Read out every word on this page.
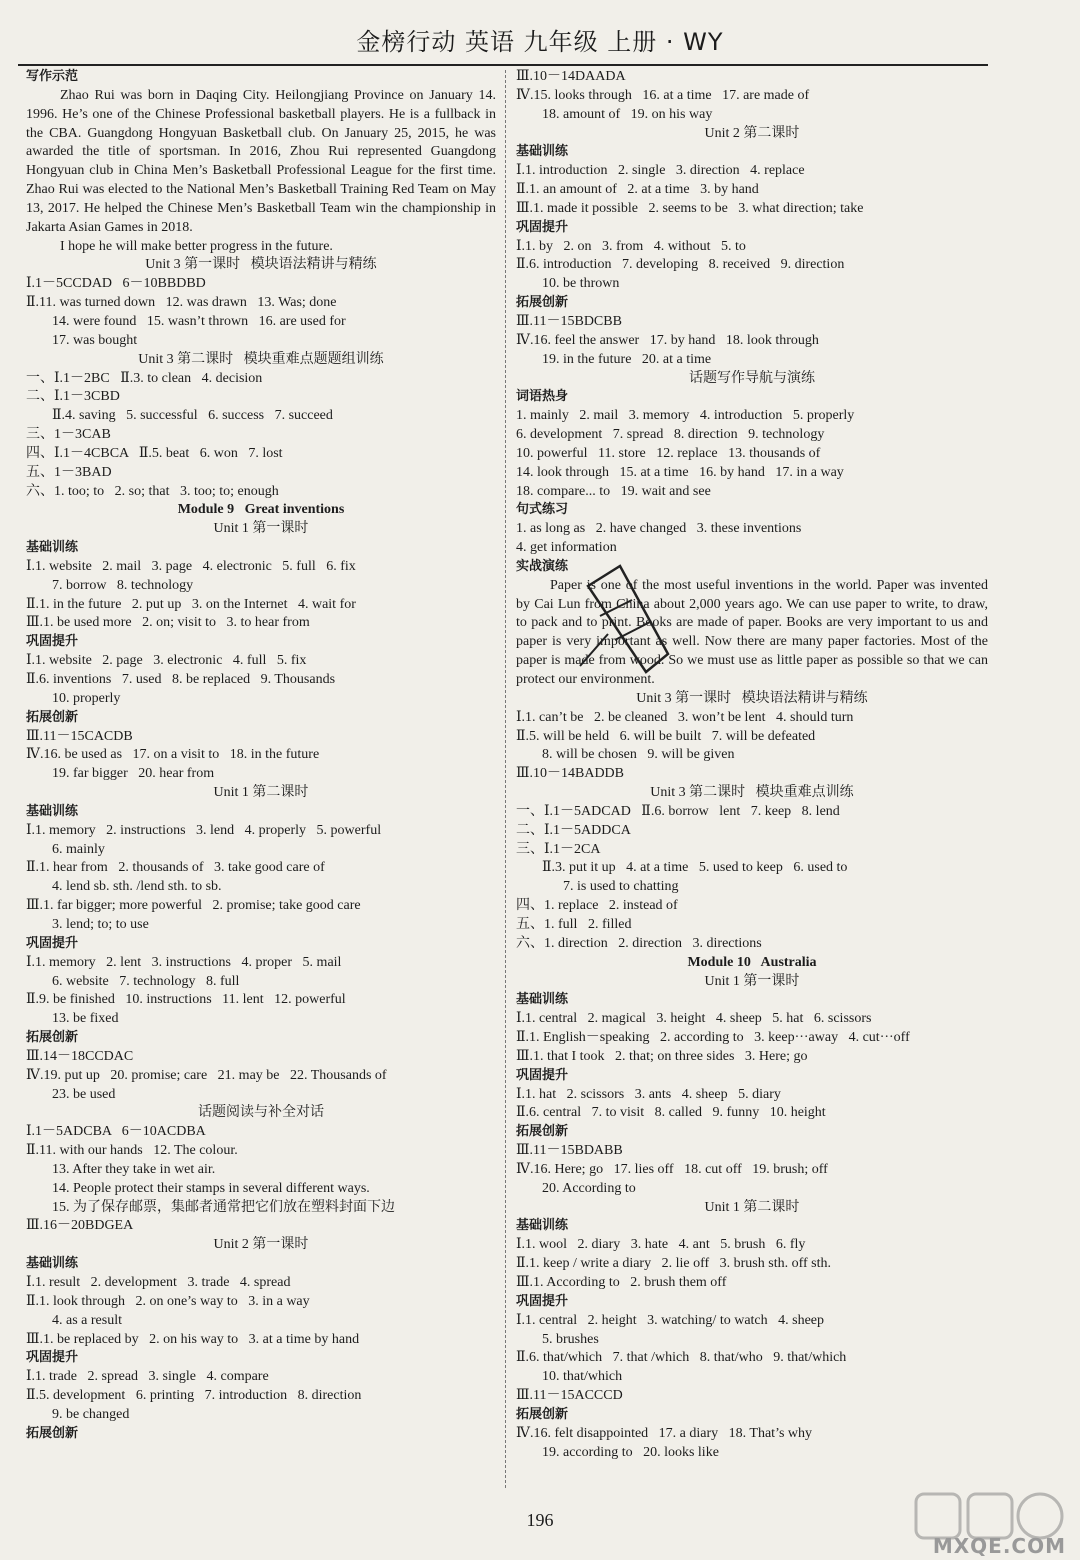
金榜行动 英语 九年级 上册 · WY
写作示范
Zhao Rui was born in Daqing City. Heilongjiang Province on January 14. 1996. He’s one of the Chinese Professional basketball players. He is a fullback in the CBA. Guangdong Hongyuan Basketball club. On January 25, 2015, he was awarded the title of sportsman. In 2016, Zhou Rui represented Guangdong Hongyuan club in China Men’s Basketball Professional League for the first time. Zhao Rui was elected to the National Men’s Basketball Training Red Team on May 13, 2017. He helped the Chinese Men’s Basketball Team win the championship in Jakarta Asian Games in 2018.
I hope he will make better progress in the future.
Unit 3 第一课时   模块语法精讲与精练
Ⅰ.1－5CCDAD   6－10BBDBD
Ⅱ.11. was turned down   12. was drawn   13. Was; done
14. were found   15. wasn’t thrown   16. are used for
17. was bought
Unit 3 第二课时   模块重难点题题组训练
一、Ⅰ.1－2BC   Ⅱ.3. to clean   4. decision
二、Ⅰ.1－3CBD
Ⅱ.4. saving   5. successful   6. success   7. succeed
三、1－3CAB
四、Ⅰ.1－4CBCA   Ⅱ.5. beat   6. won   7. lost
五、1－3BAD
六、1. too; to   2. so; that   3. too; to; enough
Module 9   Great inventions
Unit 1 第一课时
基础训练
Ⅰ.1. website   2. mail   3. page   4. electronic   5. full   6. fix
7. borrow   8. technology
Ⅱ.1. in the future   2. put up   3. on the Internet   4. wait for
Ⅲ.1. be used more   2. on; visit to   3. to hear from
巩固提升
Ⅰ.1. website   2. page   3. electronic   4. full   5. fix
Ⅱ.6. inventions   7. used   8. be replaced   9. Thousands
10. properly
拓展创新
Ⅲ.11－15CACDB
Ⅳ.16. be used as   17. on a visit to   18. in the future
19. far bigger   20. hear from
Unit 1 第二课时
基础训练
Ⅰ.1. memory   2. instructions   3. lend   4. properly   5. powerful
6. mainly
Ⅱ.1. hear from   2. thousands of   3. take good care of
4. lend sb. sth. /lend sth. to sb.
Ⅲ.1. far bigger; more powerful   2. promise; take good care
3. lend; to; to use
巩固提升
Ⅰ.1. memory   2. lent   3. instructions   4. proper   5. mail
6. website   7. technology   8. full
Ⅱ.9. be finished   10. instructions   11. lent   12. powerful
13. be fixed
拓展创新
Ⅲ.14－18CCDAC
Ⅳ.19. put up   20. promise; care   21. may be   22. Thousands of
23. be used
话题阅读与补全对话
Ⅰ.1－5ADCBA   6－10ACDBA
Ⅱ.11. with our hands   12. The colour.
13. After they take in wet air.
14. People protect their stamps in several different ways.
15. 为了保存邮票，集邮者通常把它们放在塑料封面下边
Ⅲ.16－20BDGEA
Unit 2 第一课时
基础训练
Ⅰ.1. result   2. development   3. trade   4. spread
Ⅱ.1. look through   2. on one’s way to   3. in a way
4. as a result
Ⅲ.1. be replaced by   2. on his way to   3. at a time by hand
巩固提升
Ⅰ.1. trade   2. spread   3. single   4. compare
Ⅱ.5. development   6. printing   7. introduction   8. direction
9. be changed
拓展创新
Ⅲ.10－14DAADA
Ⅳ.15. looks through   16. at a time   17. are made of
18. amount of   19. on his way
Unit 2 第二课时
基础训练
Ⅰ.1. introduction   2. single   3. direction   4. replace
Ⅱ.1. an amount of   2. at a time   3. by hand
Ⅲ.1. made it possible   2. seems to be   3. what direction; take
巩固提升
Ⅰ.1. by   2. on   3. from   4. without   5. to
Ⅱ.6. introduction   7. developing   8. received   9. direction
10. be thrown
拓展创新
Ⅲ.11－15BDCBB
Ⅳ.16. feel the answer   17. by hand   18. look through
19. in the future   20. at a time
话题写作导航与演练
词语热身
1. mainly   2. mail   3. memory   4. introduction   5. properly
6. development   7. spread   8. direction   9. technology
10. powerful   11. store   12. replace   13. thousands of
14. look through   15. at a time   16. by hand   17. in a way
18. compare... to   19. wait and see
句式练习
1. as long as   2. have changed   3. these inventions
4. get information
实战演练
Paper is one of the most useful inventions in the world. Paper was invented by Cai Lun from China about 2,000 years ago. We can use paper to write, to draw, to pack and to print. Books are made of paper. Books are very important to us and paper is very important as well. Now there are many paper factories. Most of the paper is made from wood. So we must use as little paper as possible so that we can protect our environment.
Unit 3 第一课时   模块语法精讲与精练
Ⅰ.1. can’t be   2. be cleaned   3. won’t be lent   4. should turn
Ⅱ.5. will be held   6. will be built   7. will be defeated
8. will be chosen   9. will be given
Ⅲ.10－14BADDB
Unit 3 第二课时   模块重难点训练
一、Ⅰ.1－5ADCAD   Ⅱ.6. borrow   lent   7. keep   8. lend
二、Ⅰ.1－5ADDCA
三、Ⅰ.1－2CA
Ⅱ.3. put it up   4. at a time   5. used to keep   6. used to
7. is used to chatting
四、1. replace   2. instead of
五、1. full   2. filled
六、1. direction   2. direction   3. directions
Module 10   Australia
Unit 1 第一课时
基础训练
Ⅰ.1. central   2. magical   3. height   4. sheep   5. hat   6. scissors
Ⅱ.1. English－speaking   2. according to   3. keep···away   4. cut···off
Ⅲ.1. that I took   2. that; on three sides   3. Here; go
巩固提升
Ⅰ.1. hat   2. scissors   3. ants   4. sheep   5. diary
Ⅱ.6. central   7. to visit   8. called   9. funny   10. height
拓展创新
Ⅲ.11－15BDABB
Ⅳ.16. Here; go   17. lies off   18. cut off   19. brush; off
20. According to
Unit 1 第二课时
基础训练
Ⅰ.1. wool   2. diary   3. hate   4. ant   5. brush   6. fly
Ⅱ.1. keep / write a diary   2. lie off   3. brush sth. off sth.
Ⅲ.1. According to   2. brush them off
巩固提升
Ⅰ.1. central   2. height   3. watching/ to watch   4. sheep
5. brushes
Ⅱ.6. that/which   7. that /which   8. that/who   9. that/which
10. that/which
Ⅲ.11－15ACCCD
拓展创新
Ⅳ.16. felt disappointed   17. a diary   18. That’s why
19. according to   20. looks like
196
MXQE.COM
